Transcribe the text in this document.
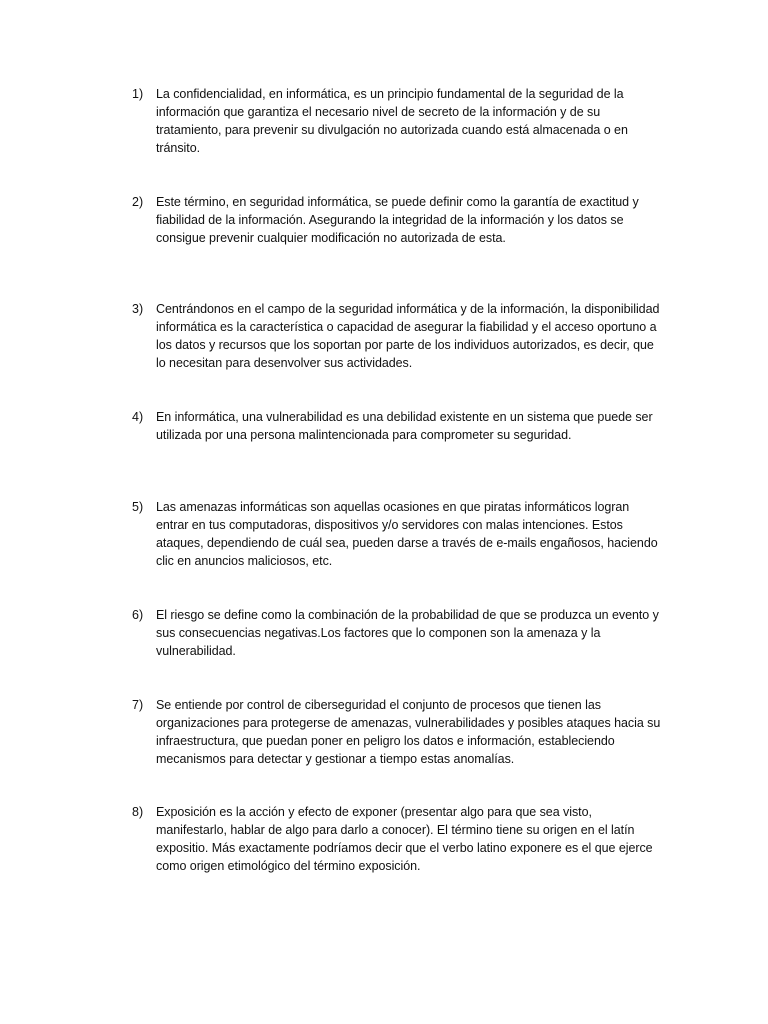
1)	La confidencialidad, en informática, es un principio fundamental de la seguridad de la información que garantiza el necesario nivel de secreto de la información y de su tratamiento, para prevenir su divulgación no autorizada cuando está almacenada o en tránsito.
2)	Este término, en seguridad informática, se puede definir como la garantía de exactitud y fiabilidad de la información. Asegurando la integridad de la información y los datos se consigue prevenir cualquier modificación no autorizada de esta.
3)	Centrándonos en el campo de la seguridad informática y de la información, la disponibilidad informática es la característica o capacidad de asegurar la fiabilidad y el acceso oportuno a los datos y recursos que los soportan por parte de los individuos autorizados, es decir, que lo necesitan para desenvolver sus actividades.
4)	En informática, una vulnerabilidad es una debilidad existente en un sistema que puede ser utilizada por una persona malintencionada para comprometer su seguridad.
5)	Las amenazas informáticas son aquellas ocasiones en que piratas informáticos logran entrar en tus computadoras, dispositivos y/o servidores con malas intenciones. Estos ataques, dependiendo de cuál sea, pueden darse a través de e-mails engañosos, haciendo clic en anuncios maliciosos, etc.
6)	El riesgo se define como la combinación de la probabilidad de que se produzca un evento y sus consecuencias negativas.Los factores que lo componen son la amenaza y la vulnerabilidad.
7)	Se entiende por control de ciberseguridad el conjunto de procesos que tienen las organizaciones para protegerse de amenazas, vulnerabilidades y posibles ataques hacia su infraestructura, que puedan poner en peligro los datos e información, estableciendo mecanismos para detectar y gestionar a tiempo estas anomalías.
8)	Exposición es la acción y efecto de exponer (presentar algo para que sea visto, manifestarlo, hablar de algo para darlo a conocer). El término tiene su origen en el latín expositio. Más exactamente podríamos decir que el verbo latino exponere es el que ejerce como origen etimológico del término exposición.
